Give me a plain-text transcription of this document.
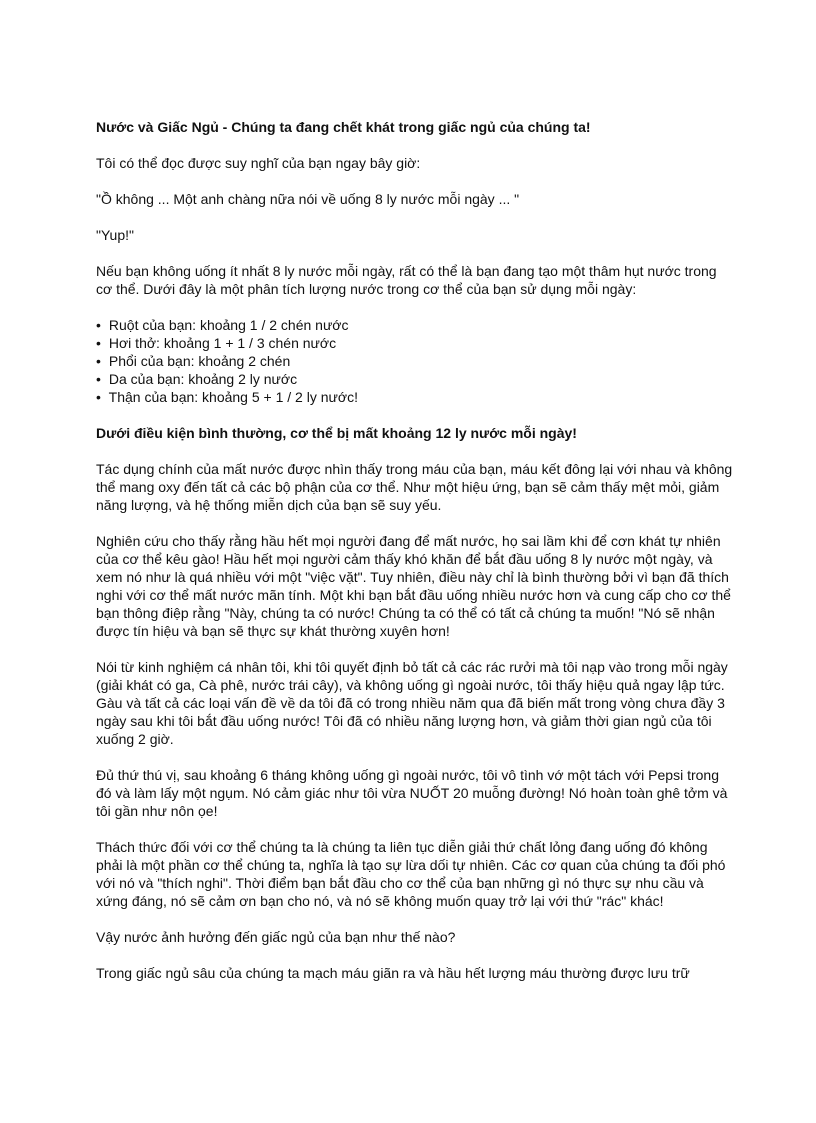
Nước và Giấc Ngủ - Chúng ta đang chết khát trong giấc ngủ của chúng ta!

Tôi có thể đọc được suy nghĩ của bạn ngay bây giờ:

"Ồ không ... Một anh chàng nữa nói về uống 8 ly nước mỗi ngày ... "

"Yup!"

Nếu bạn không uống ít nhất 8 ly nước mỗi ngày, rất có thể là bạn đang tạo một thâm hụt nước trong cơ thể. Dưới đây là một phân tích lượng nước trong cơ thể của bạn sử dụng mỗi ngày:

• Ruột của bạn: khoảng 1 / 2 chén nước
• Hơi thở: khoảng 1 + 1 / 3 chén nước
• Phổi của bạn: khoảng 2 chén
• Da của bạn: khoảng 2 ly nước
• Thận của bạn: khoảng 5 + 1 / 2 ly nước!

Dưới điều kiện bình thường, cơ thể bị mất khoảng 12 ly nước mỗi ngày!

Tác dụng chính của mất nước được nhìn thấy trong máu của bạn, máu kết đông lại với nhau và không thể mang oxy đến tất cả các bộ phận của cơ thể. Như một hiệu ứng, bạn sẽ cảm thấy mệt mỏi, giảm năng lượng, và hệ thống miễn dịch của bạn sẽ suy yếu.

Nghiên cứu cho thấy rằng hầu hết mọi người đang để mất nước, họ sai lầm khi để cơn khát tự nhiên của cơ thể kêu gào! Hầu hết mọi người cảm thấy khó khăn để bắt đầu uống 8 ly nước một ngày, và xem nó như là quá nhiều với một "việc vặt". Tuy nhiên, điều này chỉ là bình thường bởi vì bạn đã thích nghi với cơ thể mất nước mãn tính. Một khi bạn bắt đầu uống nhiều nước hơn và cung cấp cho cơ thể bạn thông điệp rằng "Này, chúng ta có nước! Chúng ta có thể có tất cả chúng ta muốn! "Nó sẽ nhận được tín hiệu và bạn sẽ thực sự khát thường xuyên hơn!

Nói từ kinh nghiệm cá nhân tôi, khi tôi quyết định bỏ tất cả các rác rưởi mà tôi nạp vào trong mỗi ngày (giải khát có ga, Cà phê, nước trái cây), và không uống gì ngoài nước, tôi thấy hiệu quả ngay lập tức. Gàu và tất cả các loại vấn đề về da tôi đã có trong nhiều năm qua đã biến mất trong vòng chưa đầy 3 ngày sau khi tôi bắt đầu uống nước! Tôi đã có nhiều năng lượng hơn, và giảm thời gian ngủ của tôi xuống 2 giờ.

Đủ thứ thú vị, sau khoảng 6 tháng không uống gì ngoài nước, tôi vô tình vớ một tách với Pepsi trong đó và làm lấy một ngụm. Nó cảm giác như tôi vừa NUỐT 20 muỗng đường! Nó hoàn toàn ghê tởm và tôi gần như nôn ọe!

Thách thức đối với cơ thể chúng ta là chúng ta liên tục diễn giải thứ chất lỏng đang uống đó không phải là một phần cơ thể chúng ta, nghĩa là tạo sự lừa dối tự nhiên. Các cơ quan của chúng ta đối phó với nó và "thích nghi". Thời điểm bạn bắt đầu cho cơ thể của bạn những gì nó thực sự nhu cầu và xứng đáng, nó sẽ cảm ơn bạn cho nó, và nó sẽ không muốn quay trở lại với thứ "rác" khác!

Vậy nước ảnh hưởng đến giấc ngủ của bạn như thế nào?

Trong giấc ngủ sâu của chúng ta mạch máu giãn ra và hầu hết lượng máu thường được lưu trữ
